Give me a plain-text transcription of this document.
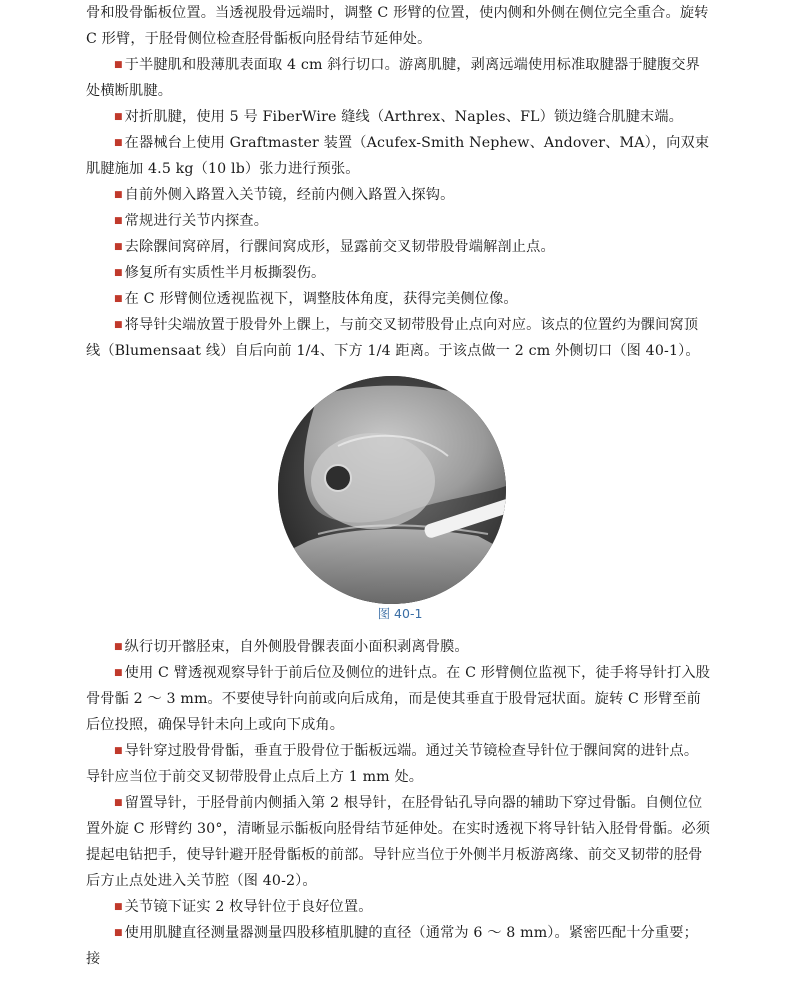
骨和股骨骺板位置。当透视股骨远端时，调整 C 形臂的位置，使内侧和外侧在侧位完全重合。旋转 C 形臂，于胫骨侧位检查胫骨骺板向胫骨结节延伸处。

■ 于半腱肌和股薄肌表面取 4 cm 斜行切口。游离肌腱，剥离远端使用标准取腱器于腱腹交界处横断肌腱。

■ 对折肌腱，使用 5 号 FiberWire 缝线（Arthrex、Naples、FL）锁边缝合肌腱末端。

■ 在器械台上使用 Graftmaster 装置（Acufex-Smith Nephew、Andover、MA），向双束肌腱施加 4.5 kg（10 lb）张力进行预张。

■ 自前外侧入路置入关节镜，经前内侧入路置入探钩。

■ 常规进行关节内探查。

■ 去除髁间窝碎屑，行髁间窝成形，显露前交叉韧带股骨端解剖止点。

■ 修复所有实质性半月板撕裂伤。

■ 在 C 形臂侧位透视监视下，调整肢体角度，获得完美侧位像。

■ 将导针尖端放置于股骨外上髁上，与前交叉韧带股骨止点向对应。该点的位置约为髁间窝顶线（Blumensaat 线）自后向前 1/4、下方 1/4 距离。于该点做一 2 cm 外侧切口（图 40-1）。

图 40-1

■ 纵行切开髂胫束，自外侧股骨髁表面小面积剥离骨膜。

■ 使用 C 臂透视观察导针于前后位及侧位的进针点。在 C 形臂侧位监视下，徒手将导针打入股骨骨骺 2 ～ 3 mm。不要使导针向前或向后成角，而是使其垂直于股骨冠状面。旋转 C 形臂至前后位投照，确保导针未向上或向下成角。

■ 导针穿过股骨骨骺，垂直于股骨位于骺板远端。通过关节镜检查导针位于髁间窝的进针点。导针应当位于前交叉韧带股骨止点后上方 1 mm 处。

■ 留置导针，于胫骨前内侧插入第 2 根导针，在胫骨钻孔导向器的辅助下穿过骨骺。自侧位位置外旋 C 形臂约 30°，清晰显示骺板向胫骨结节延伸处。在实时透视下将导针钻入胫骨骨骺。必须提起电钻把手，使导针避开胫骨骺板的前部。导针应当位于外侧半月板游离缘、前交叉韧带的胫骨后方止点处进入关节腔（图 40-2）。

■ 关节镜下证实 2 枚导针位于良好位置。

■ 使用肌腱直径测量器测量四股移植肌腱的直径（通常为 6 ～ 8 mm）。紧密匹配十分重要；接
